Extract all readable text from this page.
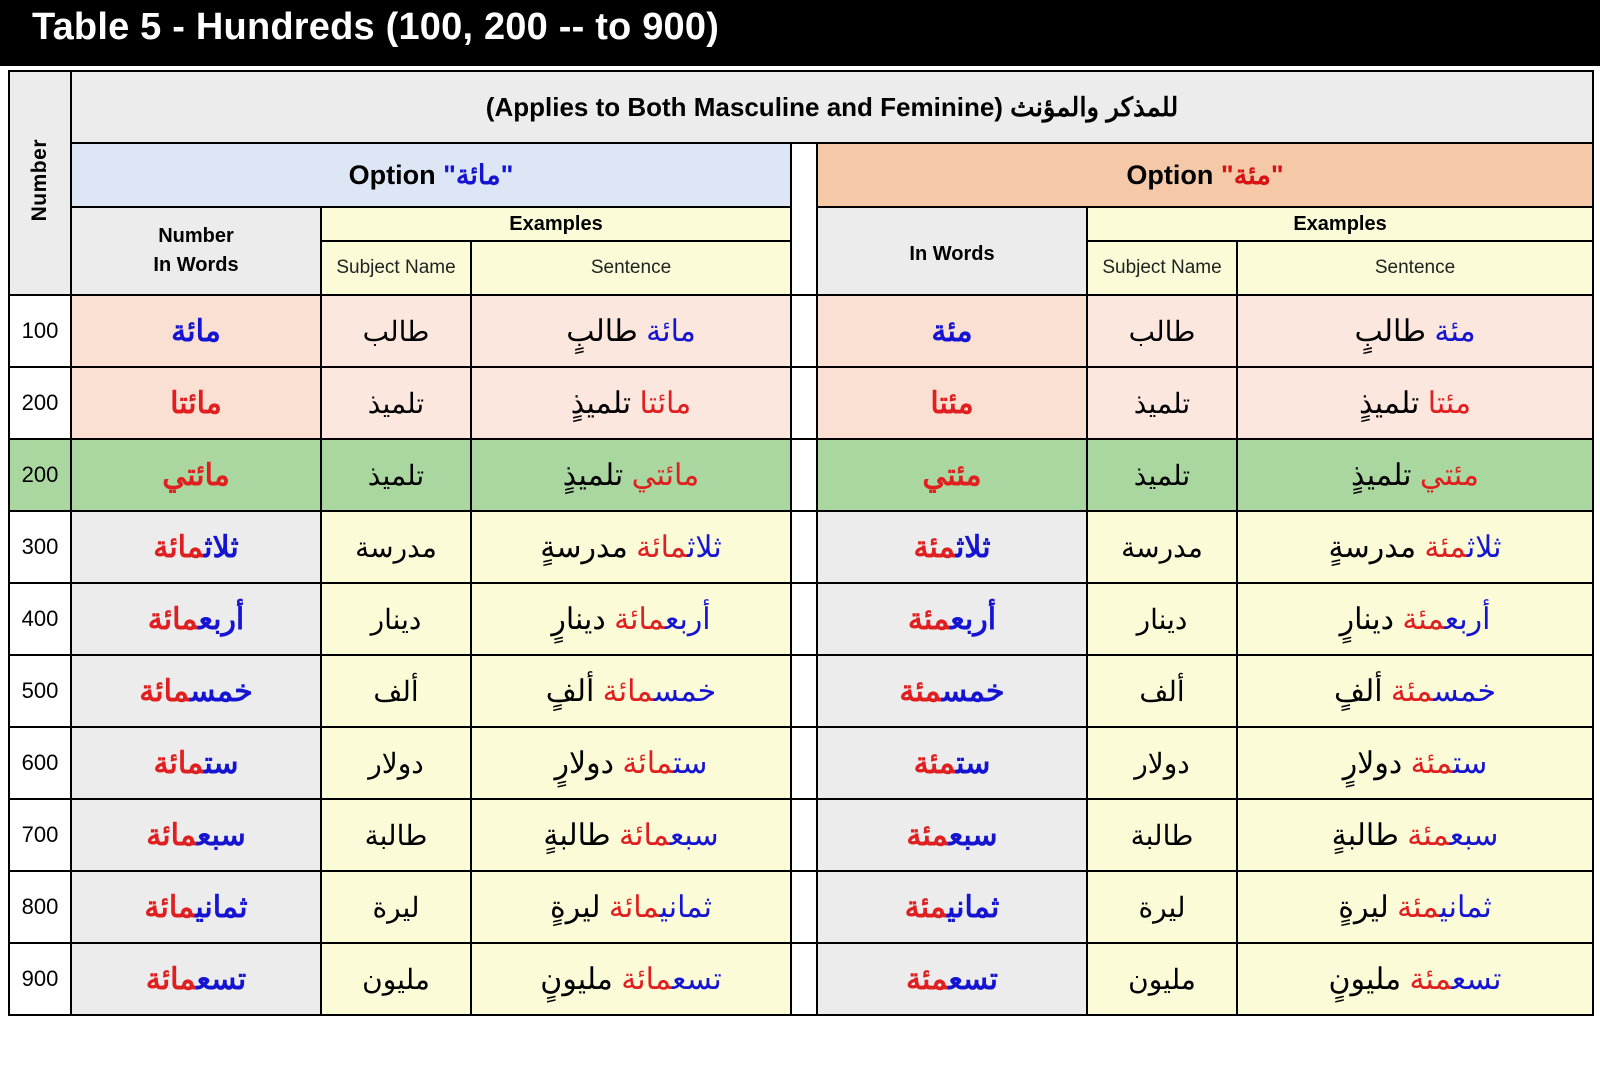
Table 5 - Hundreds (100, 200 -- to 900)
Number	للمذكر والمؤنث (Applies to Both Masculine and Feminine)						
	Option "مائة"				Option "مئة"		

	Number
In Words	Examples			In Words	Examples	
		Subject Name	Sentence			Subject Name	Sentence
100	مائة	طالب	مائة طالبٍ		مئة	طالب	مئة طالبٍ
200	مائتا	تلميذ	مائتا تلميذٍ		مئتا	تلميذ	مئتا تلميذٍ
200	مائتي	تلميذ	مائتي تلميذٍ		مئتي	تلميذ	مئتي تلميذٍ
300	ثلاثمائة	مدرسة	ثلاثمائة مدرسةٍ		ثلاثمئة	مدرسة	ثلاثمئة مدرسةٍ
400	أربعمائة	دينار	أربعمائة دينارٍ		أربعمئة	دينار	أربعمئة دينارٍ
500	خمسمائة	ألف	خمسمائة ألفٍ		خمسمئة	ألف	خمسمئة ألفٍ
600	ستمائة	دولار	ستمائة دولارٍ		ستمئة	دولار	ستمئة دولارٍ
700	سبعمائة	طالبة	سبعمائة طالبةٍ		سبعمئة	طالبة	سبعمئة طالبةٍ
800	ثمانيمائة	ليرة	ثمانيمائة ليرةٍ		ثمانيمئة	ليرة	ثمانيمئة ليرةٍ
900	تسعمائة	مليون	تسعمائة مليونٍ		تسعمئة	مليون	تسعمئة مليونٍ
